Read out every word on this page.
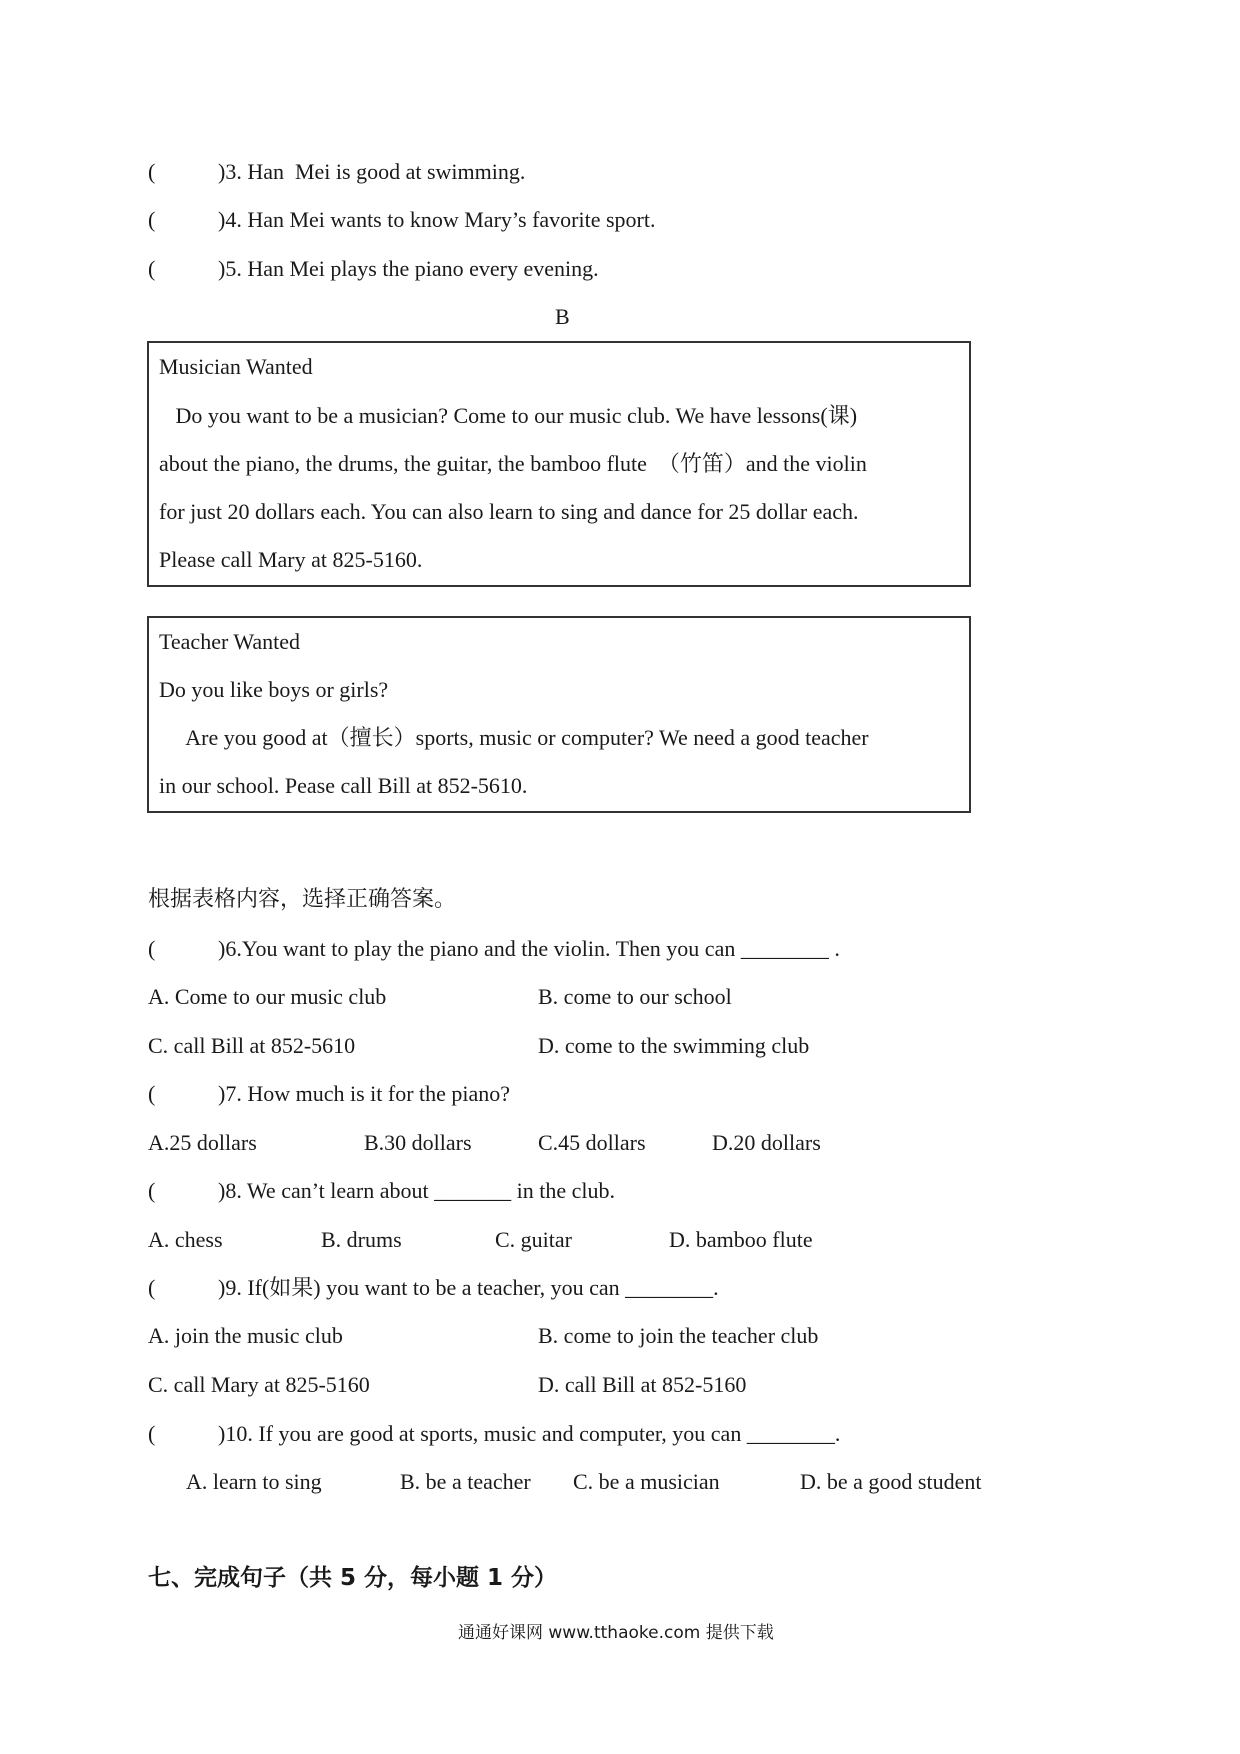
(	)3. Han  Mei is good at swimming.
(	)4. Han Mei wants to know Mary’s favorite sport.
(	)5. Han Mei plays the piano every evening.
B
Musician Wanted
Do you want to be a musician? Come to our music club. We have lessons(课)
about the piano, the drums, the guitar, the bamboo flute  （竹笛）and the violin
for just 20 dollars each. You can also learn to sing and dance for 25 dollar each.
Please call Mary at 825-5160.
Teacher Wanted
Do you like boys or girls?
Are you good at（擅长）sports, music or computer? We need a good teacher
in our school. Pease call Bill at 852-5610.
根据表格内容，选择正确答案。
(	)6.You want to play the piano and the violin. Then you can ________ .
A. Come to our music club	B. come to our school
C. call Bill at 852-5610	D. come to the swimming club
(	)7. How much is it for the piano?
A.25 dollars	B.30 dollars	C.45 dollars	D.20 dollars
(	)8. We can’t learn about _______ in the club.
A. chess	B. drums	C. guitar	D. bamboo flute
(	)9. If(如果) you want to be a teacher, you can ________.
A. join the music club	B. come to join the teacher club
C. call Mary at 825-5160	D. call Bill at 852-5160
(	)10. If you are good at sports, music and computer, you can ________.
A. learn to sing	B. be a teacher C. be a musician	D. be a good student
七、完成句子（共 5 分，每小题 1 分）
通通好课网 www.tthaoke.com 提供下载
